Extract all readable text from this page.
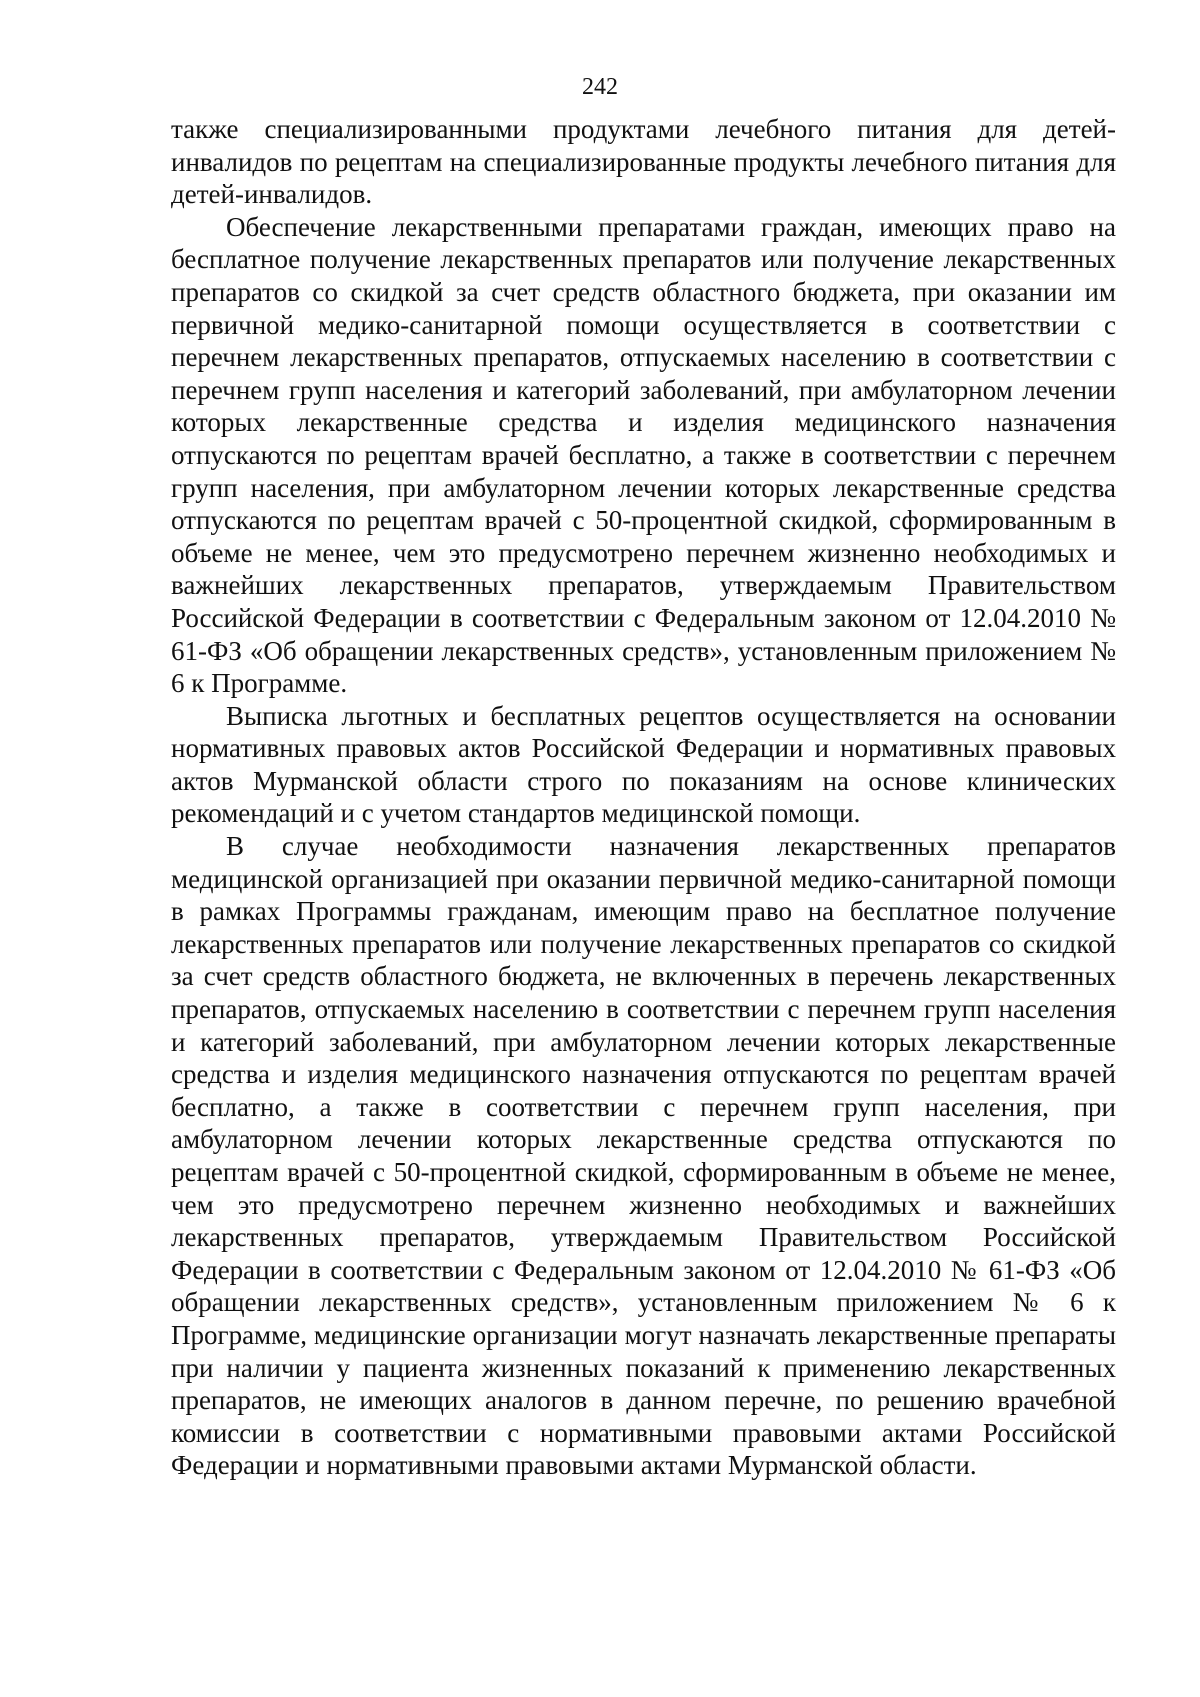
242

также специализированными продуктами лечебного питания для детей-инвалидов по рецептам на специализированные продукты лечебного питания для детей-инвалидов.

Обеспечение лекарственными препаратами граждан, имеющих право на бесплатное получение лекарственных препаратов или получение лекарственных препаратов со скидкой за счет средств областного бюджета, при оказании им первичной медико-санитарной помощи осуществляется в соответствии с перечнем лекарственных препаратов, отпускаемых населению в соответствии с перечнем групп населения и категорий заболеваний, при амбулаторном лечении которых лекарственные средства и изделия медицинского назначения отпускаются по рецептам врачей бесплатно, а также в соответствии с перечнем групп населения, при амбулаторном лечении которых лекарственные средства отпускаются по рецептам врачей с 50-процентной скидкой, сформированным в объеме не менее, чем это предусмотрено перечнем жизненно необходимых и важнейших лекарственных препаратов, утверждаемым Правительством Российской Федерации в соответствии с Федеральным законом от 12.04.2010 № 61-ФЗ «Об обращении лекарственных средств», установленным приложением № 6 к Программе.

Выписка льготных и бесплатных рецептов осуществляется на основании нормативных правовых актов Российской Федерации и нормативных правовых актов Мурманской области строго по показаниям на основе клинических рекомендаций и с учетом стандартов медицинской помощи.

В случае необходимости назначения лекарственных препаратов медицинской организацией при оказании первичной медико-санитарной помощи в рамках Программы гражданам, имеющим право на бесплатное получение лекарственных препаратов или получение лекарственных препаратов со скидкой за счет средств областного бюджета, не включенных в перечень лекарственных препаратов, отпускаемых населению в соответствии с перечнем групп населения и категорий заболеваний, при амбулаторном лечении которых лекарственные средства и изделия медицинского назначения отпускаются по рецептам врачей бесплатно, а также в соответствии с перечнем групп населения, при амбулаторном лечении которых лекарственные средства отпускаются по рецептам врачей с 50-процентной скидкой, сформированным в объеме не менее, чем это предусмотрено перечнем жизненно необходимых и важнейших лекарственных препаратов, утверждаемым Правительством Российской Федерации в соответствии с Федеральным законом от 12.04.2010 № 61-ФЗ «Об обращении лекарственных средств», установленным приложением № 6 к Программе, медицинские организации могут назначать лекарственные препараты при наличии у пациента жизненных показаний к применению лекарственных препаратов, не имеющих аналогов в данном перечне, по решению врачебной комиссии в соответствии с нормативными правовыми актами Российской Федерации и нормативными правовыми актами Мурманской области.
